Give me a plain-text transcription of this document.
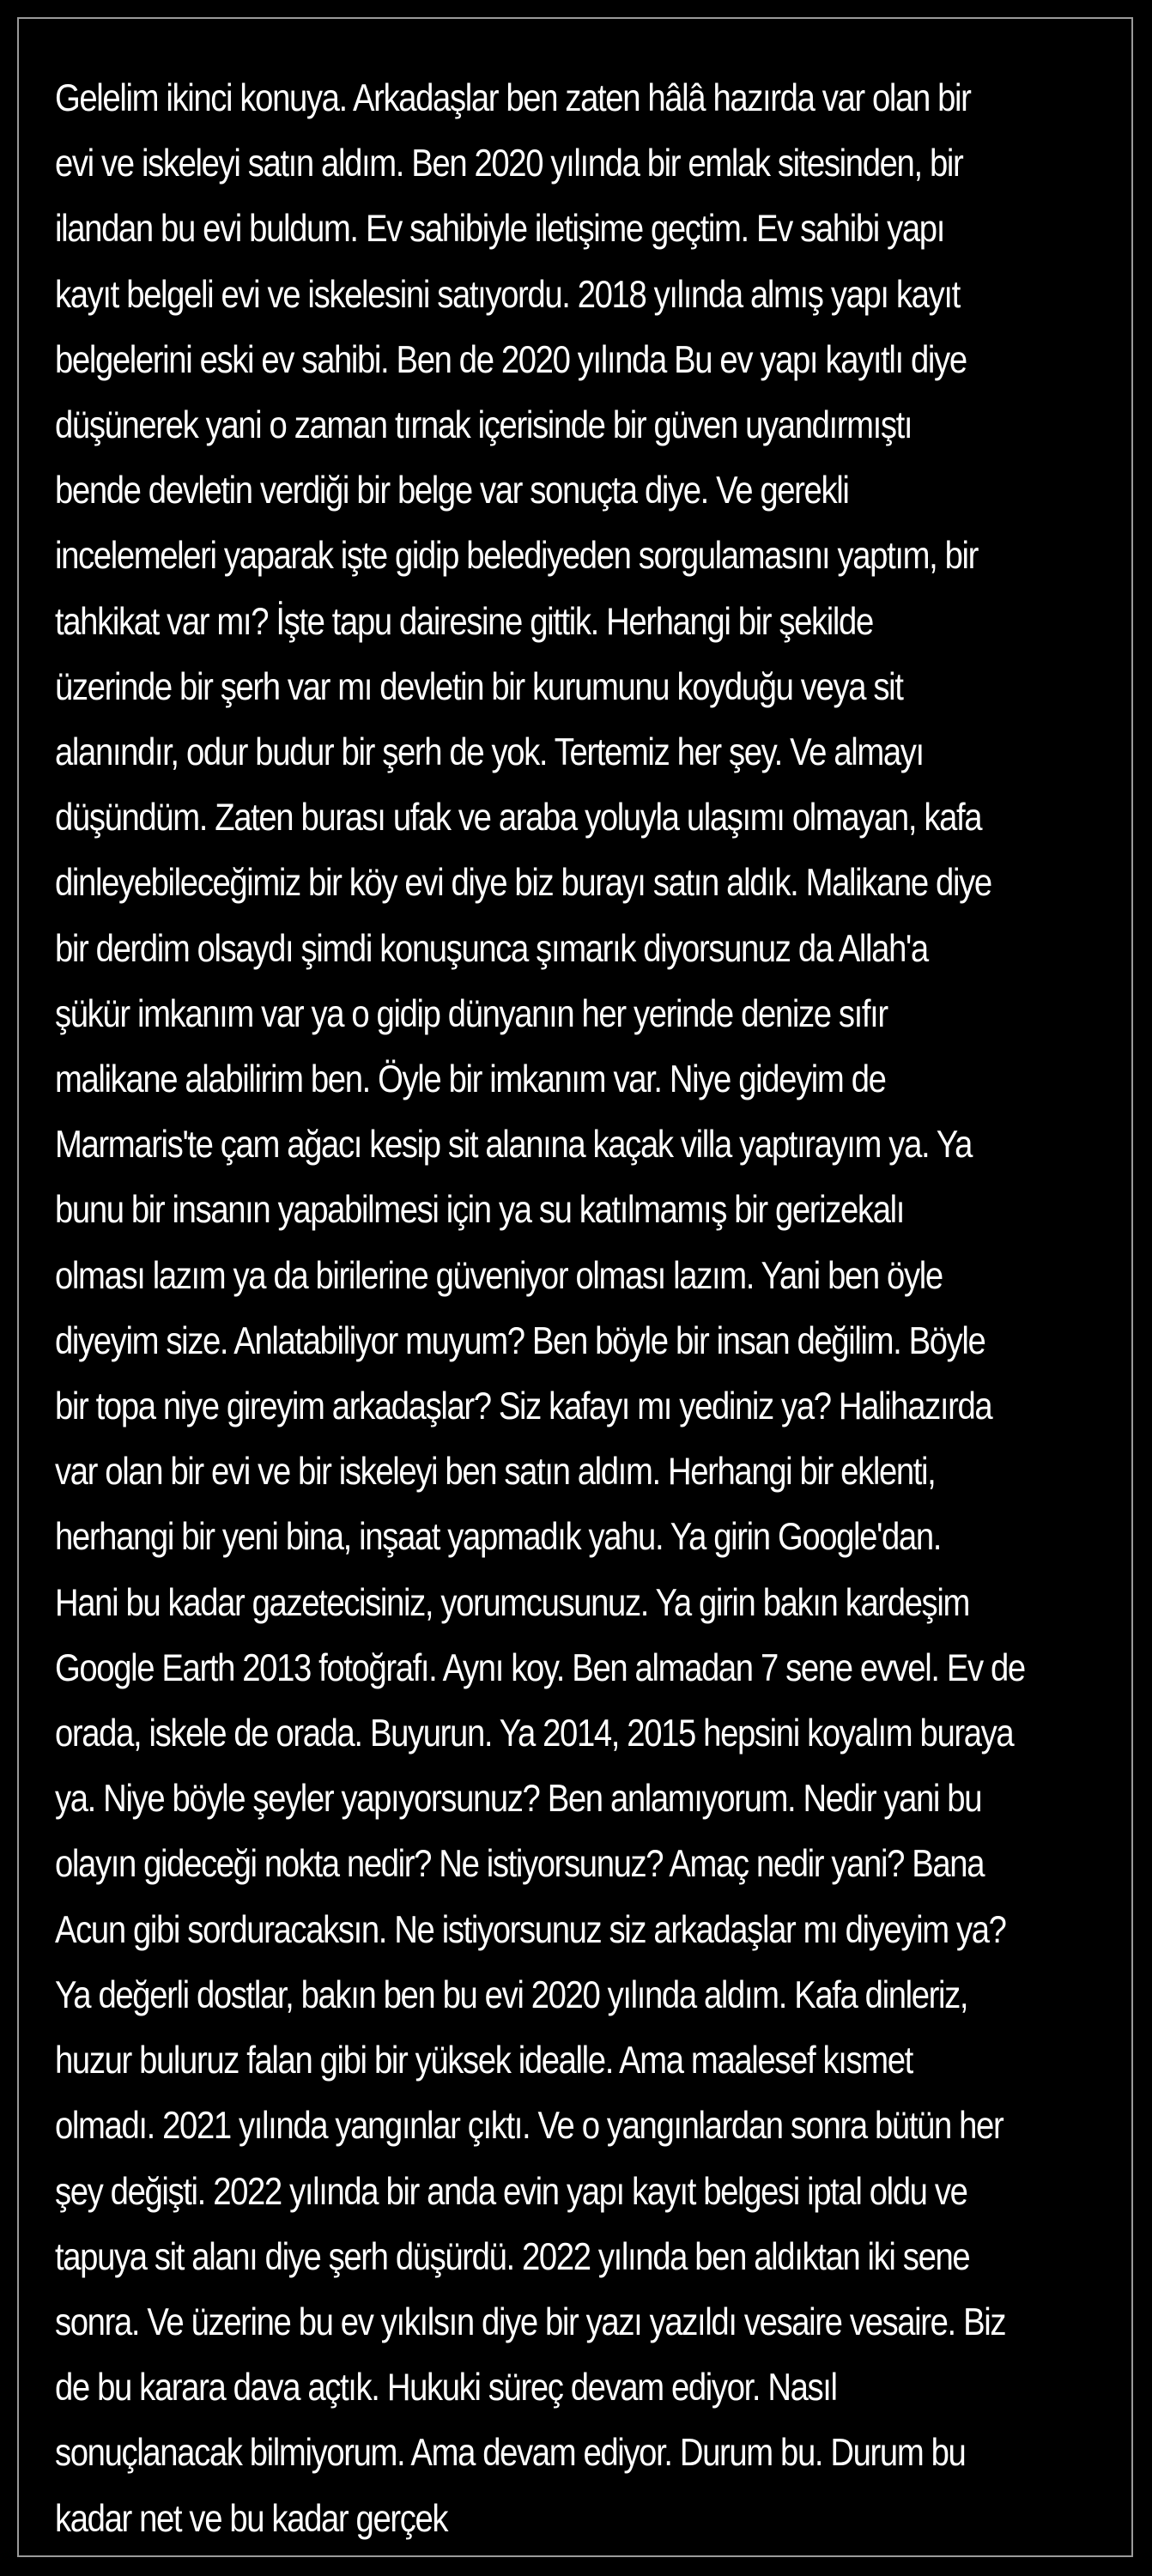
Gelelim ikinci konuya. Arkadaşlar ben zaten hâlâ hazırda var olan bir
evi ve iskeleyi satın aldım. Ben 2020 yılında bir emlak sitesinden, bir
ilandan bu evi buldum. Ev sahibiyle iletişime geçtim. Ev sahibi yapı
kayıt belgeli evi ve iskelesini satıyordu. 2018 yılında almış yapı kayıt
belgelerini eski ev sahibi. Ben de 2020 yılında Bu ev yapı kayıtlı diye
düşünerek yani o zaman tırnak içerisinde bir güven uyandırmıştı
bende devletin verdiği bir belge var sonuçta diye. Ve gerekli
incelemeleri yaparak işte gidip belediyeden sorgulamasını yaptım, bir
tahkikat var mı? İşte tapu dairesine gittik. Herhangi bir şekilde
üzerinde bir şerh var mı devletin bir kurumunu koyduğu veya sit
alanındır, odur budur bir şerh de yok. Tertemiz her şey. Ve almayı
düşündüm. Zaten burası ufak ve araba yoluyla ulaşımı olmayan, kafa
dinleyebileceğimiz bir köy evi diye biz burayı satın aldık. Malikane diye
bir derdim olsaydı şimdi konuşunca şımarık diyorsunuz da Allah'a
şükür imkanım var ya o gidip dünyanın her yerinde denize sıfır
malikane alabilirim ben. Öyle bir imkanım var. Niye gideyim de
Marmaris'te çam ağacı kesip sit alanına kaçak villa yaptırayım ya. Ya
bunu bir insanın yapabilmesi için ya su katılmamış bir gerizekalı
olması lazım ya da birilerine güveniyor olması lazım. Yani ben öyle
diyeyim size. Anlatabiliyor muyum? Ben böyle bir insan değilim. Böyle
bir topa niye gireyim arkadaşlar? Siz kafayı mı yediniz ya? Halihazırda
var olan bir evi ve bir iskeleyi ben satın aldım. Herhangi bir eklenti,
herhangi bir yeni bina, inşaat yapmadık yahu. Ya girin Google'dan.
Hani bu kadar gazetecisiniz, yorumcusunuz. Ya girin bakın kardeşim
Google Earth 2013 fotoğrafı. Aynı koy. Ben almadan 7 sene evvel. Ev de
orada, iskele de orada. Buyurun. Ya 2014, 2015 hepsini koyalım buraya
ya. Niye böyle şeyler yapıyorsunuz? Ben anlamıyorum. Nedir yani bu
olayın gideceği nokta nedir? Ne istiyorsunuz? Amaç nedir yani? Bana
Acun gibi sorduracaksın. Ne istiyorsunuz siz arkadaşlar mı diyeyim ya?
Ya değerli dostlar, bakın ben bu evi 2020 yılında aldım. Kafa dinleriz,
huzur buluruz falan gibi bir yüksek idealle. Ama maalesef kısmet
olmadı. 2021 yılında yangınlar çıktı. Ve o yangınlardan sonra bütün her
şey değişti. 2022 yılında bir anda evin yapı kayıt belgesi iptal oldu ve
tapuya sit alanı diye şerh düşürdü. 2022 yılında ben aldıktan iki sene
sonra. Ve üzerine bu ev yıkılsın diye bir yazı yazıldı vesaire vesaire. Biz
de bu karara dava açtık. Hukuki süreç devam ediyor. Nasıl
sonuçlanacak bilmiyorum. Ama devam ediyor. Durum bu. Durum bu
kadar net ve bu kadar gerçek
